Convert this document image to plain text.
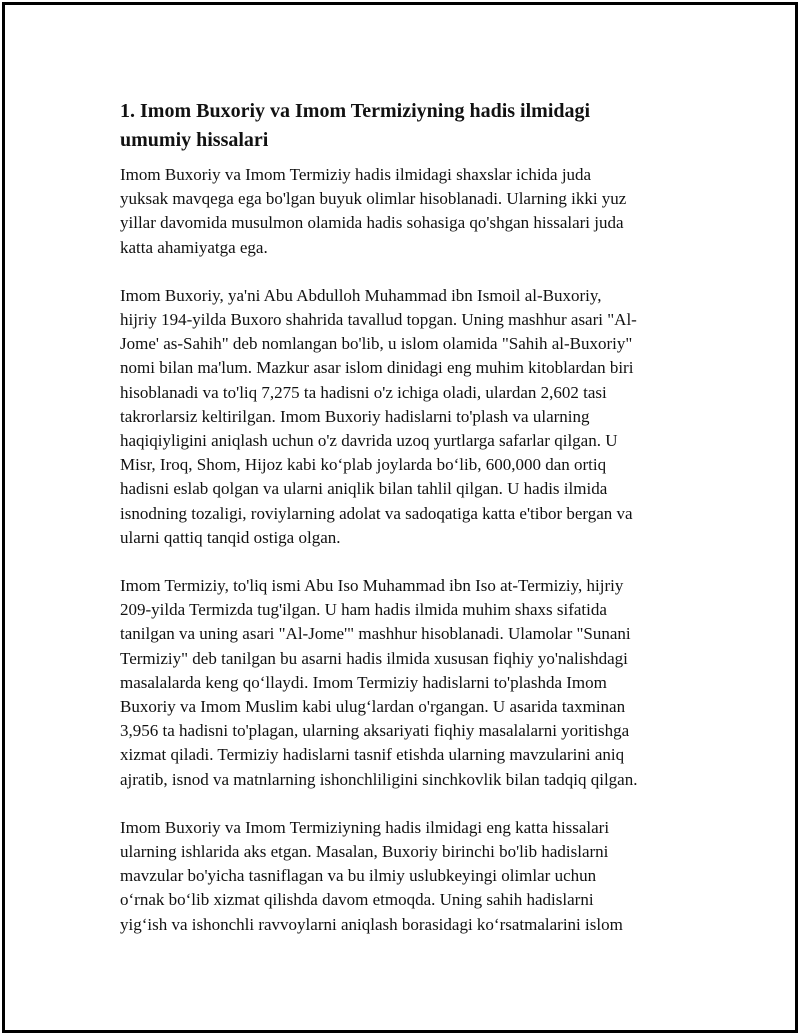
1. Imom Buxoriy va Imom Termiziyning hadis ilmidagi
umumiy hissalari

Imom Buxoriy va Imom Termiziy hadis ilmidagi shaxslar ichida juda
yuksak mavqega ega bo'lgan buyuk olimlar hisoblanadi. Ularning ikki yuz
yillar davomida musulmon olamida hadis sohasiga qo'shgan hissalari juda
katta ahamiyatga ega.

Imom Buxoriy, ya'ni Abu Abdulloh Muhammad ibn Ismoil al-Buxoriy,
hijriy 194-yilda Buxoro shahrida tavallud topgan. Uning mashhur asari "Al-
Jome' as-Sahih" deb nomlangan bo'lib, u islom olamida "Sahih al-Buxoriy"
nomi bilan ma'lum. Mazkur asar islom dinidagi eng muhim kitoblardan biri
hisoblanadi va to'liq 7,275 ta hadisni o'z ichiga oladi, ulardan 2,602 tasi
takrorlarsiz keltirilgan. Imom Buxoriy hadislarni to'plash va ularning
haqiqiyligini aniqlash uchun o'z davrida uzoq yurtlarga safarlar qilgan. U
Misr, Iroq, Shom, Hijoz kabi ko‘plab joylarda bo‘lib, 600,000 dan ortiq
hadisni eslab qolgan va ularni aniqlik bilan tahlil qilgan. U hadis ilmida
isnodning tozaligi, roviylarning adolat va sadoqatiga katta e'tibor bergan va
ularni qattiq tanqid ostiga olgan.

Imom Termiziy, to'liq ismi Abu Iso Muhammad ibn Iso at-Termiziy, hijriy
209-yilda Termizda tug'ilgan. U ham hadis ilmida muhim shaxs sifatida
tanilgan va uning asari "Al-Jome'" mashhur hisoblanadi. Ulamolar "Sunani
Termiziy" deb tanilgan bu asarni hadis ilmida xususan fiqhiy yo'nalishdagi
masalalarda keng qo‘llaydi. Imom Termiziy hadislarni to'plashda Imom
Buxoriy va Imom Muslim kabi ulug‘lardan o'rgangan. U asarida taxminan
3,956 ta hadisni to'plagan, ularning aksariyati fiqhiy masalalarni yoritishga
xizmat qiladi. Termiziy hadislarni tasnif etishda ularning mavzularini aniq
ajratib, isnod va matnlarning ishonchliligini sinchkovlik bilan tadqiq qilgan.

Imom Buxoriy va Imom Termiziyning hadis ilmidagi eng katta hissalari
ularning ishlarida aks etgan. Masalan, Buxoriy birinchi bo'lib hadislarni
mavzular bo'yicha tasniflagan va bu ilmiy uslubkeyingi olimlar uchun
o‘rnak bo‘lib xizmat qilishda davom etmoqda. Uning sahih hadislarni
yig‘ish va ishonchli ravvoylarni aniqlash borasidagi ko‘rsatmalarini islom
